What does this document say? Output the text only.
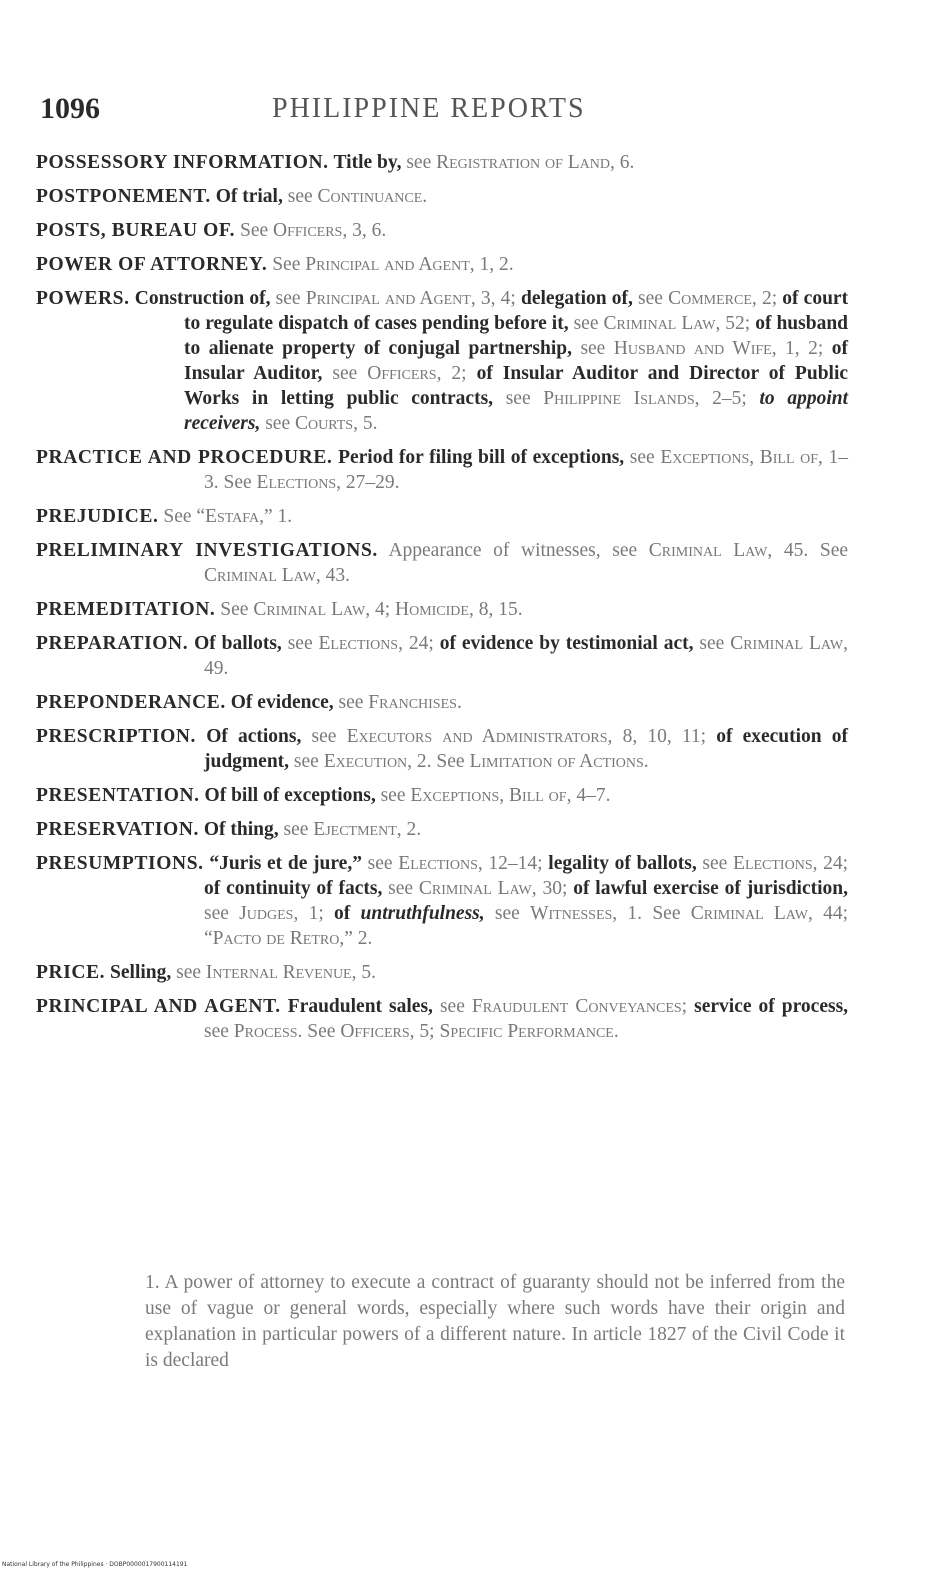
1096	PHILIPPINE REPORTS

POSSESSORY INFORMATION. Title by, see Registration of Land, 6.

POSTPONEMENT. Of trial, see Continuance.

POSTS, BUREAU OF. See Officers, 3, 6.

POWER OF ATTORNEY. See Principal and Agent, 1, 2.

POWERS. Construction of, see Principal and Agent, 3, 4; delegation of, see Commerce, 2; of court to regulate dispatch of cases pending before it, see Criminal Law, 52; of husband to alienate property of conjugal partnership, see Husband and Wife, 1, 2; of Insular Auditor, see Officers, 2; of Insular Auditor and Director of Public Works in letting public contracts, see Philippine Islands, 2–5; to appoint receivers, see Courts, 5.

PRACTICE AND PROCEDURE. Period for filing bill of exceptions, see Exceptions, Bill of, 1–3. See Elections, 27–29.

PREJUDICE. See “Estafa,” 1.

PRELIMINARY INVESTIGATIONS. Appearance of witnesses, see Criminal Law, 45. See Criminal Law, 43.

PREMEDITATION. See Criminal Law, 4; Homicide, 8, 15.

PREPARATION. Of ballots, see Elections, 24; of evidence by testimonial act, see Criminal Law, 49.

PREPONDERANCE. Of evidence, see Franchises.

PRESCRIPTION. Of actions, see Executors and Administrators, 8, 10, 11; of execution of judgment, see Execution, 2. See Limitation of Actions.

PRESENTATION. Of bill of exceptions, see Exceptions, Bill of, 4–7.

PRESERVATION. Of thing, see Ejectment, 2.

PRESUMPTIONS. “Juris et de jure,” see Elections, 12–14; legality of ballots, see Elections, 24; of continuity of facts, see Criminal Law, 30; of lawful exercise of jurisdiction, see Judges, 1; of untruthfulness, see Witnesses, 1. See Criminal Law, 44; “Pacto de Retro,” 2.

PRICE. Selling, see Internal Revenue, 5.

PRINCIPAL AND AGENT. Fraudulent sales, see Fraudulent Conveyances; service of process, see Process. See Officers, 5; Specific Performance.

1. A power of attorney to execute a contract of guaranty should not be inferred from the use of vague or general words, especially where such words have their origin and explanation in particular powers of a different nature. In article 1827 of the Civil Code it is declared

National Library of the Philippines · DOBP0000017900114191
